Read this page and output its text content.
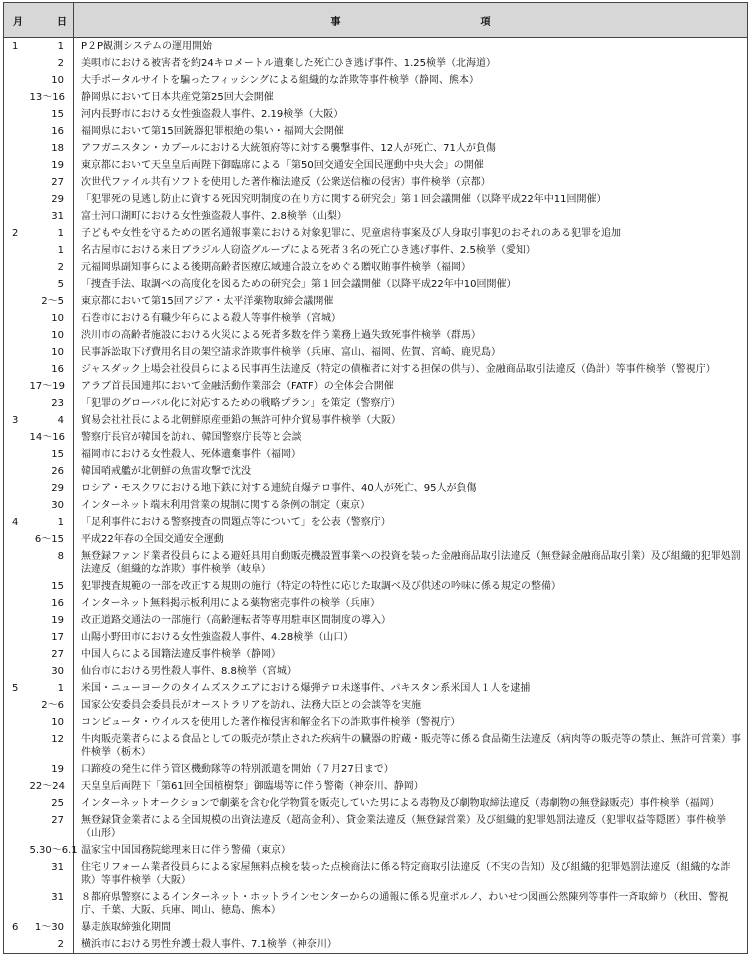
月 日		事 項

1	1	P２P観測システムの運用開始
	2	美唄市における被害者を約24キロメートル遺棄した死亡ひき逃げ事件、1.25検挙（北海道）
	10	大手ポータルサイトを騙ったフィッシングによる組織的な詐欺等事件検挙（静岡、熊本）
	13〜16	静岡県において日本共産党第25回大会開催
	15	河内長野市における女性強盗殺人事件、2.19検挙（大阪）
	16	福岡県において第15回銃器犯罪根絶の集い・福岡大会開催
	18	アフガニスタン・カブールにおける大統領府等に対する襲撃事件、12人が死亡、71人が負傷
	19	東京都において天皇皇后両陛下御臨席による「第50回交通安全国民運動中央大会」の開催
	27	次世代ファイル共有ソフトを使用した著作権法違反（公衆送信権の侵害）事件検挙（京都）
	29	「犯罪死の見逃し防止に資する死因究明制度の在り方に関する研究会」第１回会議開催（以降平成22年中11回開催）
	31	富士河口湖町における女性強盗殺人事件、2.8検挙（山梨）
2	1	子どもや女性を守るための匿名通報事業における対象犯罪に、児童虐待事案及び人身取引事犯のおそれのある犯罪を追加
	1	名古屋市における来日ブラジル人窃盗グループによる死者３名の死亡ひき逃げ事件、2.5検挙（愛知）
	2	元福岡県副知事らによる後期高齢者医療広域連合設立をめぐる贈収賄事件検挙（福岡）
	5	「捜査手法、取調べの高度化を図るための研究会」第１回会議開催（以降平成22年中10回開催）
	2〜5	東京都において第15回アジア・太平洋薬物取締会議開催
	10	石巻市における有職少年らによる殺人等事件検挙（宮城）
	10	渋川市の高齢者施設における火災による死者多数を伴う業務上過失致死事件検挙（群馬）
	10	民事訴訟取下げ費用名目の架空請求詐欺事件検挙（兵庫、富山、福岡、佐賀、宮崎、鹿児島）
	16	ジャスダック上場会社役員らによる民事再生法違反（特定の債権者に対する担保の供与）、金融商品取引法違反（偽計）等事件検挙（警視庁）
	17〜19	アラブ首長国連邦において金融活動作業部会（FATF）の全体会合開催
	23	「犯罪のグローバル化に対応するための戦略プラン」を策定（警察庁）
3	4	貿易会社社長による北朝鮮原産亜鉛の無許可仲介貿易事件検挙（大阪）
	14〜16	警察庁長官が韓国を訪れ、韓国警察庁長等と会談
	15	福岡市における女性殺人、死体遺棄事件（福岡）
	26	韓国哨戒艦が北朝鮮の魚雷攻撃で沈没
	29	ロシア・モスクワにおける地下鉄に対する連続自爆テロ事件、40人が死亡、95人が負傷
	30	インターネット端末利用営業の規制に関する条例の制定（東京）
4	1	「足利事件における警察捜査の問題点等について」を公表（警察庁）
	6〜15	平成22年春の全国交通安全運動
	8	無登録ファンド業者役員らによる避妊具用自動販売機設置事業への投資を装った金融商品取引法違反（無登録金融商品取引業）及び組織的犯罪処罰法違反（組織的な詐欺）事件検挙（岐阜）
	15	犯罪捜査規範の一部を改正する規則の施行（特定の特性に応じた取調べ及び供述の吟味に係る規定の整備）
	16	インターネット無料掲示板利用による薬物密売事件の検挙（兵庫）
	19	改正道路交通法の一部施行（高齢運転者等専用駐車区間制度の導入）
	17	山陽小野田市における女性強盗殺人事件、4.28検挙（山口）
	27	中国人らによる国籍法違反事件検挙（静岡）
	30	仙台市における男性殺人事件、8.8検挙（宮城）
5	1	米国・ニューヨークのタイムズスクエアにおける爆弾テロ未遂事件、パキスタン系米国人１人を逮捕
	2〜6	国家公安委員会委員長がオーストラリアを訪れ、法務大臣との会談等を実施
	10	コンピュータ・ウイルスを使用した著作権侵害和解金名下の詐欺事件検挙（警視庁）
	12	牛肉販売業者らによる食品としての販売が禁止された疾病牛の臓器の貯蔵・販売等に係る食品衛生法違反（病肉等の販売等の禁止、無許可営業）事件検挙（栃木）
	19	口蹄疫の発生に伴う管区機動隊等の特別派遣を開始（７月27日まで）
	22〜24	天皇皇后両陛下「第61回全国植樹祭」御臨場等に伴う警衛（神奈川、静岡）
	25	インターネットオークションで劇薬を含む化学物質を販売していた男による毒物及び劇物取締法違反（毒劇物の無登録販売）事件検挙（福岡）
	27	無登録貸金業者による全国規模の出資法違反（超高金利）、貸金業法違反（無登録営業）及び組織的犯罪処罰法違反（犯罪収益等隠匿）事件検挙（山形）
	5.30〜6.1	温家宝中国国務院総理来日に伴う警備（東京）
	31	住宅リフォーム業者役員らによる家屋無料点検を装った点検商法に係る特定商取引法違反（不実の告知）及び組織的犯罪処罰法違反（組織的な詐欺）等事件検挙（大阪）
	31	８都府県警察によるインターネット・ホットラインセンターからの通報に係る児童ポルノ、わいせつ図画公然陳列等事件一斉取締り（秋田、警視庁、千葉、大阪、兵庫、岡山、徳島、熊本）
6	1〜30	暴走族取締強化期間
	2	横浜市における男性弁護士殺人事件、7.1検挙（神奈川）
